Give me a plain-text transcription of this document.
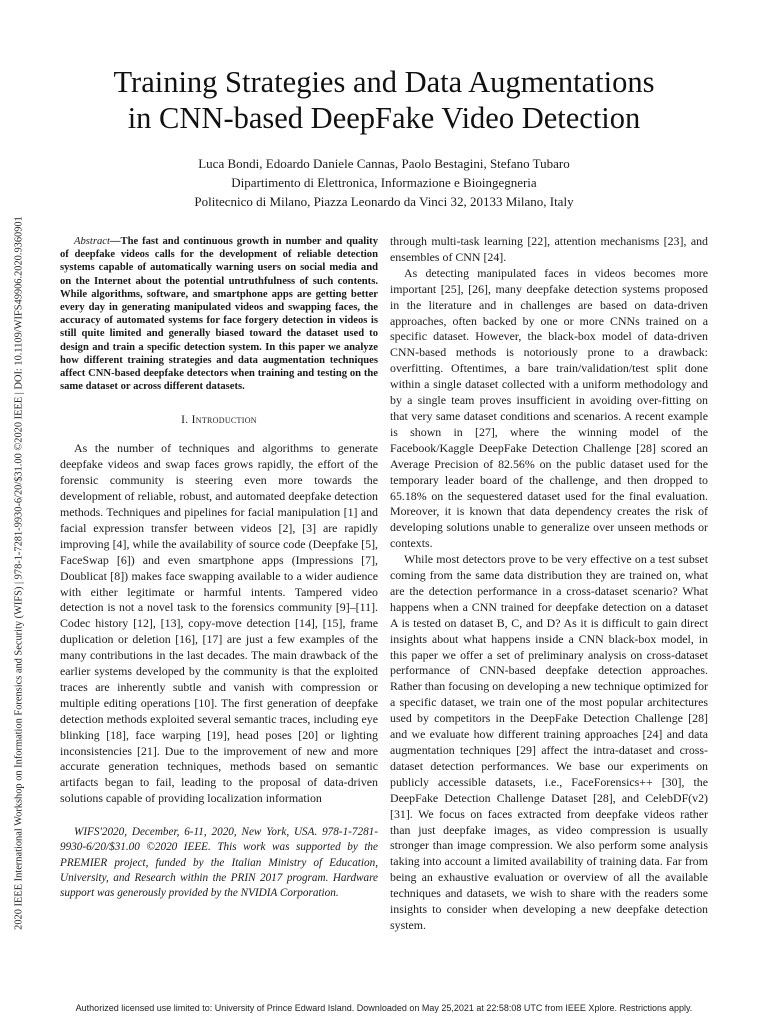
2020 IEEE International Workshop on Information Forensics and Security (WIFS) | 978-1-7281-9930-6/20/$31.00 ©2020 IEEE | DOI: 10.1109/WIFS49906.2020.9360901
Training Strategies and Data Augmentations
in CNN-based DeepFake Video Detection
Luca Bondi, Edoardo Daniele Cannas, Paolo Bestagini, Stefano Tubaro
Dipartimento di Elettronica, Informazione e Bioingegneria
Politecnico di Milano, Piazza Leonardo da Vinci 32, 20133 Milano, Italy

Abstract—The fast and continuous growth in number and quality of deepfake videos calls for the development of reliable detection systems capable of automatically warning users on social media and on the Internet about the potential untruthfulness of such contents. While algorithms, software, and smartphone apps are getting better every day in generating manipulated videos and swapping faces, the accuracy of automated systems for face forgery detection in videos is still quite limited and generally biased toward the dataset used to design and train a specific detection system. In this paper we analyze how different training strategies and data augmentation techniques affect CNN-based deepfake detectors when training and testing on the same dataset or across different datasets.

I. Introduction

As the number of techniques and algorithms to generate deepfake videos and swap faces grows rapidly, the effort of the forensic community is steering even more towards the development of reliable, robust, and automated deepfake detection methods. Techniques and pipelines for facial manipulation [1] and facial expression transfer between videos [2], [3] are rapidly improving [4], while the availability of source code (Deepfake [5], FaceSwap [6]) and even smartphone apps (Impressions [7], Doublicat [8]) makes face swapping available to a wider audience with either legitimate or harmful intents. Tampered video detection is not a novel task to the forensics community [9]–[11]. Codec history [12], [13], copy-move detection [14], [15], frame duplication or deletion [16], [17] are just a few examples of the many contributions in the last decades. The main drawback of the earlier systems developed by the community is that the exploited traces are inherently subtle and vanish with compression or multiple editing operations [10]. The first generation of deepfake detection methods exploited several semantic traces, including eye blinking [18], face warping [19], head poses [20] or lighting inconsistencies [21]. Due to the improvement of new and more accurate generation techniques, methods based on semantic artifacts began to fail, leading to the proposal of data-driven solutions capable of providing localization information

WIFS'2020, December, 6-11, 2020, New York, USA. 978-1-7281-9930-6/20/$31.00 ©2020 IEEE. This work was supported by the PREMIER project, funded by the Italian Ministry of Education, University, and Research within the PRIN 2017 program. Hardware support was generously provided by the NVIDIA Corporation.

through multi-task learning [22], attention mechanisms [23], and ensembles of CNN [24].

As detecting manipulated faces in videos becomes more important [25], [26], many deepfake detection systems proposed in the literature and in challenges are based on data-driven approaches, often backed by one or more CNNs trained on a specific dataset. However, the black-box model of data-driven CNN-based methods is notoriously prone to a drawback: overfitting. Oftentimes, a bare train/validation/test split done within a single dataset collected with a uniform methodology and by a single team proves insufficient in avoiding over-fitting on that very same dataset conditions and scenarios. A recent example is shown in [27], where the winning model of the Facebook/Kaggle DeepFake Detection Challenge [28] scored an Average Precision of 82.56% on the public dataset used for the temporary leader board of the challenge, and then dropped to 65.18% on the sequestered dataset used for the final evaluation. Moreover, it is known that data dependency creates the risk of developing solutions unable to generalize over unseen methods or contexts.

While most detectors prove to be very effective on a test subset coming from the same data distribution they are trained on, what are the detection performance in a cross-dataset scenario? What happens when a CNN trained for deepfake detection on a dataset A is tested on dataset B, C, and D? As it is difficult to gain direct insights about what happens inside a CNN black-box model, in this paper we offer a set of preliminary analysis on cross-dataset performance of CNN-based deepfake detection approaches. Rather than focusing on developing a new technique optimized for a specific dataset, we train one of the most popular architectures used by competitors in the DeepFake Detection Challenge [28] and we evaluate how different training approaches [24] and data augmentation techniques [29] affect the intra-dataset and cross-dataset detection performances. We base our experiments on publicly accessible datasets, i.e., FaceForensics++ [30], the DeepFake Detection Challenge Dataset [28], and CelebDF(v2) [31]. We focus on faces extracted from deepfake videos rather than just deepfake images, as video compression is usually stronger than image compression. We also perform some analysis taking into account a limited availability of training data. Far from being an exhaustive evaluation or overview of all the available techniques and datasets, we wish to share with the readers some insights to consider when developing a new deepfake detection system.

Authorized licensed use limited to: University of Prince Edward Island. Downloaded on May 25,2021 at 22:58:08 UTC from IEEE Xplore. Restrictions apply.
